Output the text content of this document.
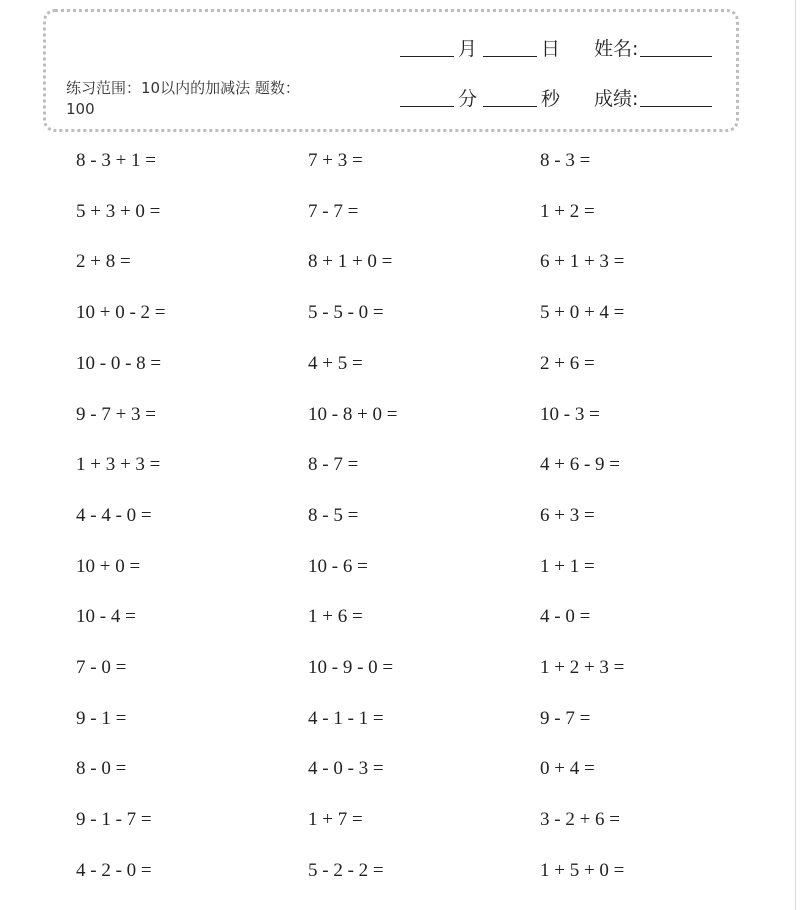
练习范围：10以内的加减法 题数：100
月	日 姓名:
分	秒 成绩:
8 - 3 + 1 =
5 + 3 + 0 =
2 + 8 =
10 + 0 - 2 =
10 - 0 - 8 =
9 - 7 + 3 =
1 + 3 + 3 =
4 - 4 - 0 =
10 + 0 =
10 - 4 =
7 - 0 =
9 - 1 =
8 - 0 =
9 - 1 - 7 =
4 - 2 - 0 =
7 + 3 =
7 - 7 =
8 + 1 + 0 =
5 - 5 - 0 =
4 + 5 =
10 - 8 + 0 =
8 - 7 =
8 - 5 =
10 - 6 =
1 + 6 =
10 - 9 - 0 =
4 - 1 - 1 =
4 - 0 - 3 =
1 + 7 =
5 - 2 - 2 =
8 - 3 =
1 + 2 =
6 + 1 + 3 =
5 + 0 + 4 =
2 + 6 =
10 - 3 =
4 + 6 - 9 =
6 + 3 =
1 + 1 =
4 - 0 =
1 + 2 + 3 =
9 - 7 =
0 + 4 =
3 - 2 + 6 =
1 + 5 + 0 =
